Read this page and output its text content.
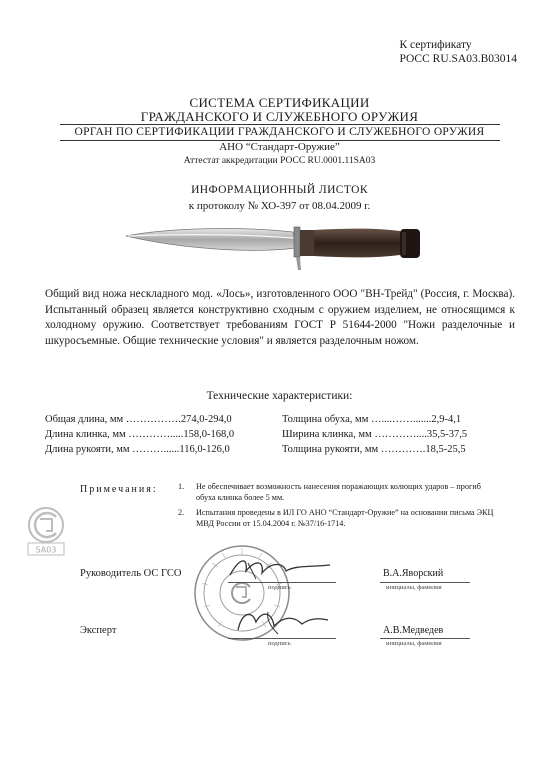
К сертификату
РОСС RU.SA03.B03014
СИСТЕМА СЕРТИФИКАЦИИ
ГРАЖДАНСКОГО И СЛУЖЕБНОГО ОРУЖИЯ
ОРГАН ПО СЕРТИФИКАЦИИ ГРАЖДАНСКОГО И СЛУЖЕБНОГО ОРУЖИЯ
АНО “Стандарт-Оружие”
Аттестат аккредитации РОСС RU.0001.11SA03
ИНФОРМАЦИОННЫЙ ЛИСТОК
к протоколу № ХО-397 от 08.04.2009 г.
Общий вид ножа нескладного мод. «Лось», изготовленного ООО "ВН-Трейд" (Россия, г. Москва). Испытанный образец является конструктивно сходным с оружием изделием, не относящимся к холодному оружию. Соответствует требованиям ГОСТ Р 51644-2000 "Ножи разделочные и шкуросъемные. Общие технические условия" и является разделочным ножом.
Технические характеристики:
Общая длина, мм …………….274,0-294,0
Длина клинка, мм ………….....158,0-168,0
Длина рукояти, мм ………......116,0-126,0
Толщина обуха, мм …....…….......2,9-4,1
Ширина клинка, мм …………....35,5-37,5
Толщина рукояти, мм ………….18,5-25,5
Примечания: 1.	Не обеспечивает возможность нанесения поражающих колющих ударов – прогиб обуха клинка более 5 мм.
2.	Испытания проведены в ИЛ ГО АНО “Стандарт-Оружие” на основании письма ЭКЦ МВД России от 15.04.2004 г. №37/16-1714.
SA03
Руководитель ОС ГСО
подпись
В.А.Яворский
инициалы, фамилия
Эксперт
подпись
А.В.Медведев
инициалы, фамилия
